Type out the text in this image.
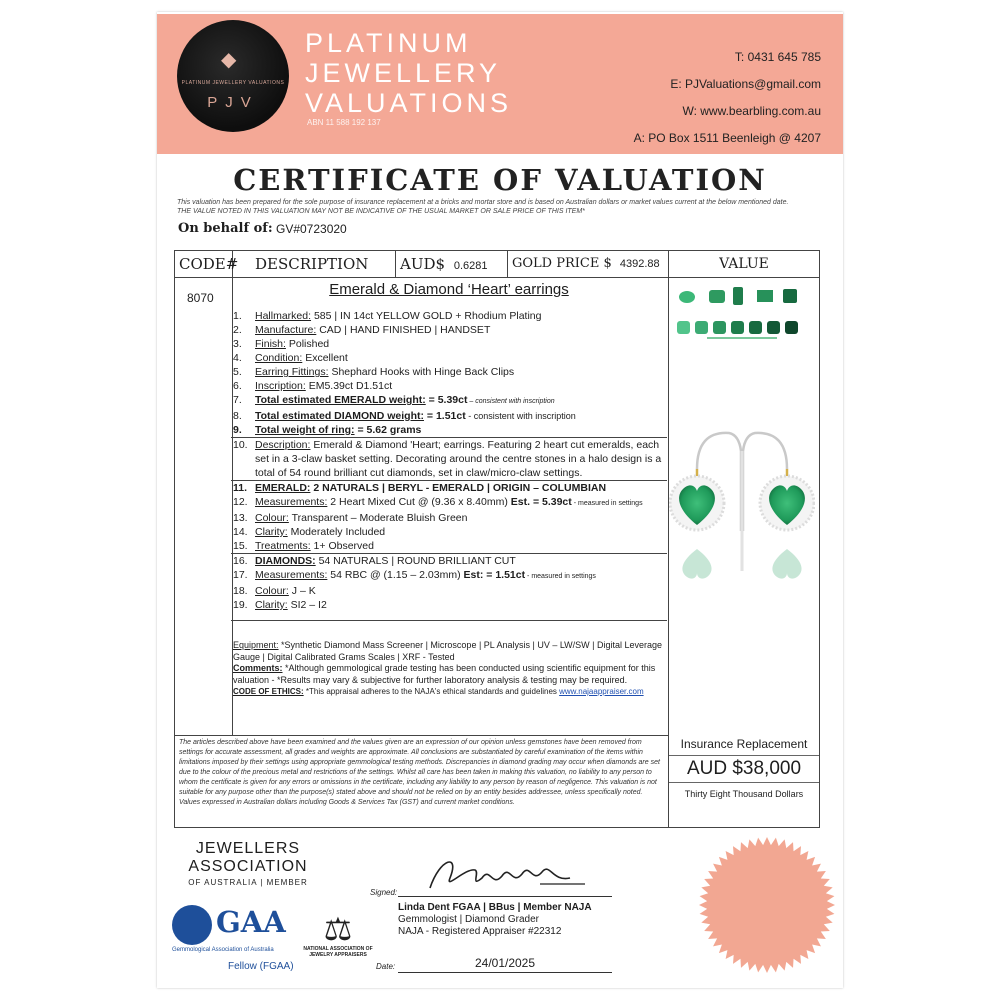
◆
PLATINUM JEWELLERY VALUATIONS
PJV
PLATINUM
JEWELLERY
VALUATIONS
ABN 11 588 192 137
T: 0431 645 785
E: PJValuations@gmail.com
W: www.bearbling.com.au
A: PO Box 1511 Beenleigh @ 4207
CERTIFICATE OF VALUATION
This valuation has been prepared for the sole purpose of insurance replacement at a bricks and mortar store and is based on Australian dollars or market values current at the below mentioned date.
THE VALUE NOTED IN THIS VALUATION MAY NOT BE INDICATIVE OF THE USUAL MARKET OR SALE PRICE OF THIS ITEM*
On behalf of: GV#0723020
CODE#	DESCRIPTION	AUD$ 0.6281	GOLD PRICE $ 4392.88	VALUE
8070	Emerald & Diamond ‘Heart’ earrings
1. Hallmarked: 585 | IN 14ct YELLOW GOLD + Rhodium Plating
2. Manufacture: CAD | HAND FINISHED | HANDSET
3. Finish: Polished
4. Condition: Excellent
5. Earring Fittings: Shephard Hooks with Hinge Back Clips
6. Inscription: EM5.39ct D1.51ct
7. Total estimated EMERALD weight: = 5.39ct – consistent with inscription
8. Total estimated DIAMOND weight: = 1.51ct - consistent with inscription
9. Total weight of ring: = 5.62 grams
10. Description: Emerald & Diamond 'Heart; earrings. Featuring 2 heart cut emeralds, each set in a 3-claw basket setting. Decorating around the centre stones in a halo design is a total of 54 round brilliant cut diamonds, set in claw/micro-claw settings.
11. EMERALD: 2 NATURALS | BERYL - EMERALD | ORIGIN – COLUMBIAN
12. Measurements: 2 Heart Mixed Cut @ (9.36 x 8.40mm) Est. = 5.39ct - measured in settings
13. Colour: Transparent – Moderate Bluish Green
14. Clarity: Moderately Included
15. Treatments: 1+ Observed
16. DIAMONDS: 54 NATURALS | ROUND BRILLIANT CUT
17. Measurements: 54 RBC @ (1.15 – 2.03mm) Est: = 1.51ct - measured in settings
18. Colour: J – K
19. Clarity: SI2 – I2
Equipment: *Synthetic Diamond Mass Screener | Microscope | PL Analysis | UV – LW/SW | Digital Leverage Gauge | Digital Calibrated Grams Scales | XRF - Tested
Comments: *Although gemmological grade testing has been conducted using scientific equipment for this valuation - *Results may vary & subjective for further laboratory analysis & testing may be required.
CODE OF ETHICS: *This appraisal adheres to the NAJA's ethical standards and guidelines www.najaappraiser.com
The articles described above have been examined and the values given are an expression of our opinion unless gemstones have been removed from settings for accurate assessment, all grades and weights are approximate. All conclusions are substantiated by careful examination of the items within limitations imposed by their settings using appropriate gemmological testing methods. Discrepancies in diamond grading may occur when diamonds are set due to the colour of the precious metal and restrictions of the settings. Whilst all care has been taken in making this valuation, no liability to any person to whom the certificate is given for any errors or omissions in the certificate, including any liability to any person by reason of negligence. This valuation is not suitable for any purpose other than the purpose(s) stated above and should not be relied on by an entity besides addressee, unless specifically noted. Values expressed in Australian dollars including Goods & Services Tax (GST) and current market conditions.
Insurance Replacement
AUD $38,000
Thirty Eight Thousand Dollars
JEWELLERS
ASSOCIATION
OF AUSTRALIA | MEMBER
GAA
Gemmological Association of Australia
Fellow (FGAA)
⚖
NATIONAL ASSOCIATION OF JEWELRY APPRAISERS
Signed:
Linda Dent FGAA | BBus | Member NAJA
Gemmologist | Diamond Grader
NAJA - Registered Appraiser #22312
Date:	24/01/2025
